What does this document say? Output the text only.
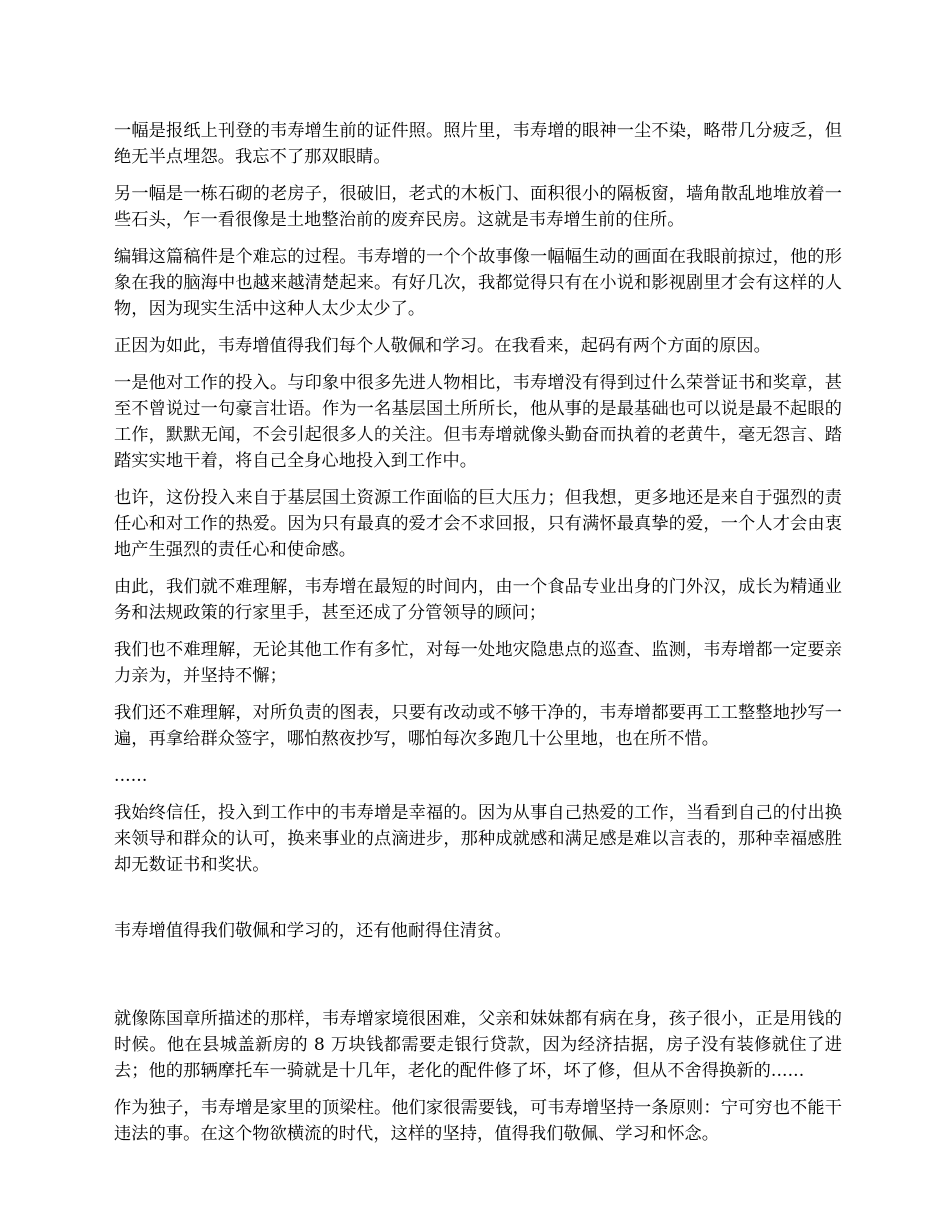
一幅是报纸上刊登的韦寿增生前的证件照。照片里，韦寿增的眼神一尘不染，略带几分疲乏，但绝无半点埋怨。我忘不了那双眼睛。

另一幅是一栋石砌的老房子，很破旧，老式的木板门、面积很小的隔板窗，墙角散乱地堆放着一些石头，乍一看很像是土地整治前的废弃民房。这就是韦寿增生前的住所。

编辑这篇稿件是个难忘的过程。韦寿增的一个个故事像一幅幅生动的画面在我眼前掠过，他的形象在我的脑海中也越来越清楚起来。有好几次，我都觉得只有在小说和影视剧里才会有这样的人物，因为现实生活中这种人太少太少了。

正因为如此，韦寿增值得我们每个人敬佩和学习。在我看来，起码有两个方面的原因。

一是他对工作的投入。与印象中很多先进人物相比，韦寿增没有得到过什么荣誉证书和奖章，甚至不曾说过一句豪言壮语。作为一名基层国土所所长，他从事的是最基础也可以说是最不起眼的工作，默默无闻，不会引起很多人的关注。但韦寿增就像头勤奋而执着的老黄牛，毫无怨言、踏踏实实地干着，将自己全身心地投入到工作中。

也许，这份投入来自于基层国土资源工作面临的巨大压力；但我想，更多地还是来自于强烈的责任心和对工作的热爱。因为只有最真的爱才会不求回报，只有满怀最真挚的爱，一个人才会由衷地产生强烈的责任心和使命感。

由此，我们就不难理解，韦寿增在最短的时间内，由一个食品专业出身的门外汉，成长为精通业务和法规政策的行家里手，甚至还成了分管领导的顾问；

我们也不难理解，无论其他工作有多忙，对每一处地灾隐患点的巡查、监测，韦寿增都一定要亲力亲为，并坚持不懈；

我们还不难理解，对所负责的图表，只要有改动或不够干净的，韦寿增都要再工工整整地抄写一遍，再拿给群众签字，哪怕熬夜抄写，哪怕每次多跑几十公里地，也在所不惜。

......

我始终信任，投入到工作中的韦寿增是幸福的。因为从事自己热爱的工作，当看到自己的付出换来领导和群众的认可，换来事业的点滴进步，那种成就感和满足感是难以言表的，那种幸福感胜却无数证书和奖状。

韦寿增值得我们敬佩和学习的，还有他耐得住清贫。

就像陈国章所描述的那样，韦寿增家境很困难，父亲和妹妹都有病在身，孩子很小，正是用钱的时候。他在县城盖新房的 8 万块钱都需要走银行贷款，因为经济拮据，房子没有装修就住了进去；他的那辆摩托车一骑就是十几年，老化的配件修了坏，坏了修，但从不舍得换新的......

作为独子，韦寿增是家里的顶梁柱。他们家很需要钱，可韦寿增坚持一条原则：宁可穷也不能干违法的事。在这个物欲横流的时代，这样的坚持，值得我们敬佩、学习和怀念。
